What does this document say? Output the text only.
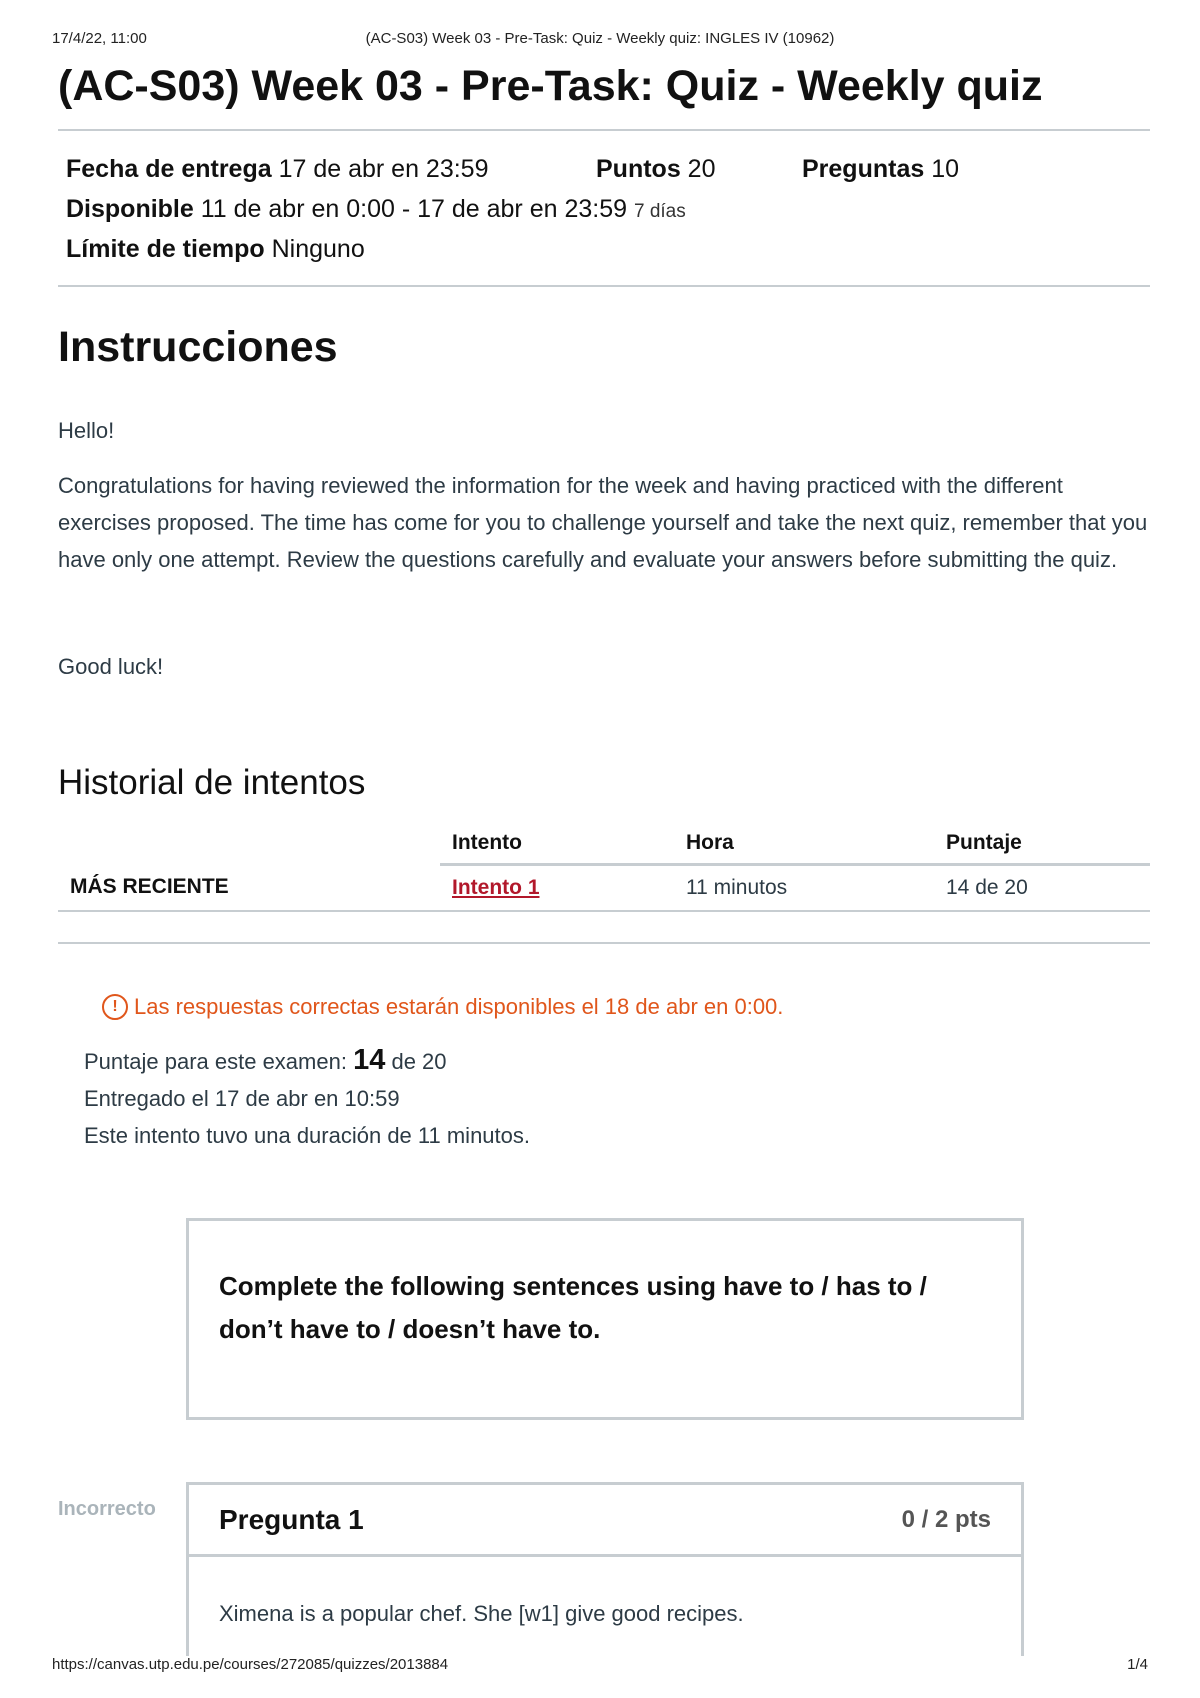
17/4/22, 11:00	(AC-S03) Week 03 - Pre-Task: Quiz - Weekly quiz: INGLES IV (10962)
(AC-S03) Week 03 - Pre-Task: Quiz - Weekly quiz
Fecha de entrega 17 de abr en 23:59	Puntos 20	Preguntas 10
Disponible 11 de abr en 0:00 - 17 de abr en 23:59 7 días
Límite de tiempo Ninguno
Instrucciones

Hello!

Congratulations for having reviewed the information for the week and having practiced with the different exercises proposed. The time has come for you to challenge yourself and take the next quiz, remember that you have only one attempt. Review the questions carefully and evaluate your answers before submitting the quiz.

Good luck!

Historial de intentos
	Intento	Hora	Puntaje
MÁS RECIENTE	Intento 1	11 minutos	14 de 20
! Las respuestas correctas estarán disponibles el 18 de abr en 0:00.
Puntaje para este examen: 14 de 20
Entregado el 17 de abr en 10:59
Este intento tuvo una duración de 11 minutos.

Complete the following sentences using have to / has to / don’t have to / doesn’t have to.

Incorrecto Pregunta 1	0 / 2 pts
Ximena is a popular chef. She [w1] give good recipes.
https://canvas.utp.edu.pe/courses/272085/quizzes/2013884	1/4
